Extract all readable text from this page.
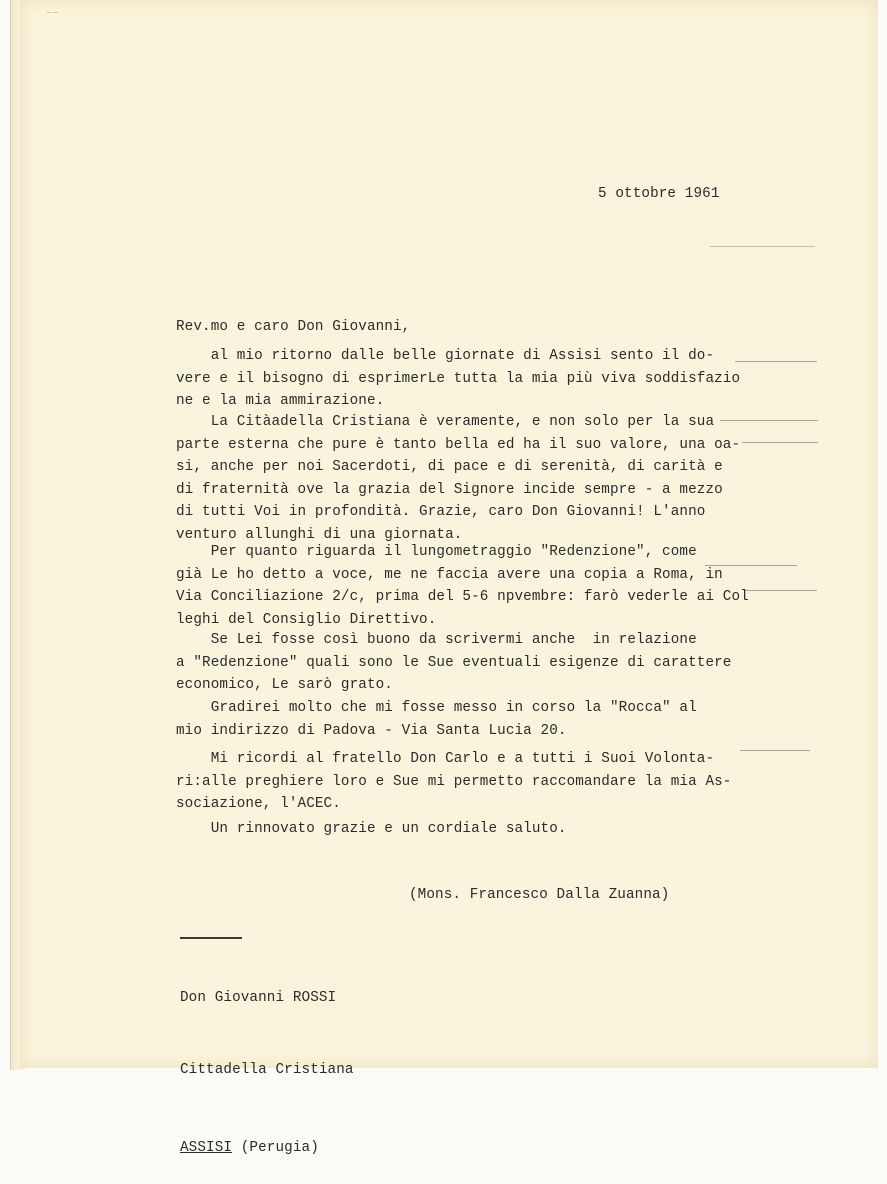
~~
5 ottobre 1961
Rev.mo e caro Don Giovanni,
al mio ritorno dalle belle giornate di Assisi sento il do-
vere e il bisogno di esprimerLe tutta la mia più viva soddisfazio
ne e la mia ammirazione.
La Citàadella Cristiana è veramente, e non solo per la sua
parte esterna che pure è tanto bella ed ha il suo valore, una oa-
si, anche per noi Sacerdoti, di pace e di serenità, di carità e
di fraternità ove la grazia del Signore incide sempre - a mezzo
di tutti Voi in profondità. Grazie, caro Don Giovanni! L'anno
venturo allunghi di una giornata.
Per quanto riguarda il lungometraggio "Redenzione", come
già Le ho detto a voce, me ne faccia avere una copia a Roma, in
Via Conciliazione 2/c, prima del 5-6 npvembre: farò vederle ai Col
leghi del Consiglio Direttivo.
Se Lei fosse così buono da scrivermi anche  in relazione
a "Redenzione" quali sono le Sue eventuali esigenze di carattere
economico, Le sarò grato.
Gradirei molto che mi fosse messo in corso la "Rocca" al
mio indirizzo di Padova - Via Santa Lucia 20.
Mi ricordi al fratello Don Carlo e a tutti i Suoi Volonta-
ri:alle preghiere loro e Sue mi permetto raccomandare la mia As-
sociazione, l'ACEC.
Un rinnovato grazie e un cordiale saluto.
(Mons. Francesco Dalla Zuanna)

Don Giovanni ROSSI

Cittadella Cristiana

ASSISI (Perugia)
